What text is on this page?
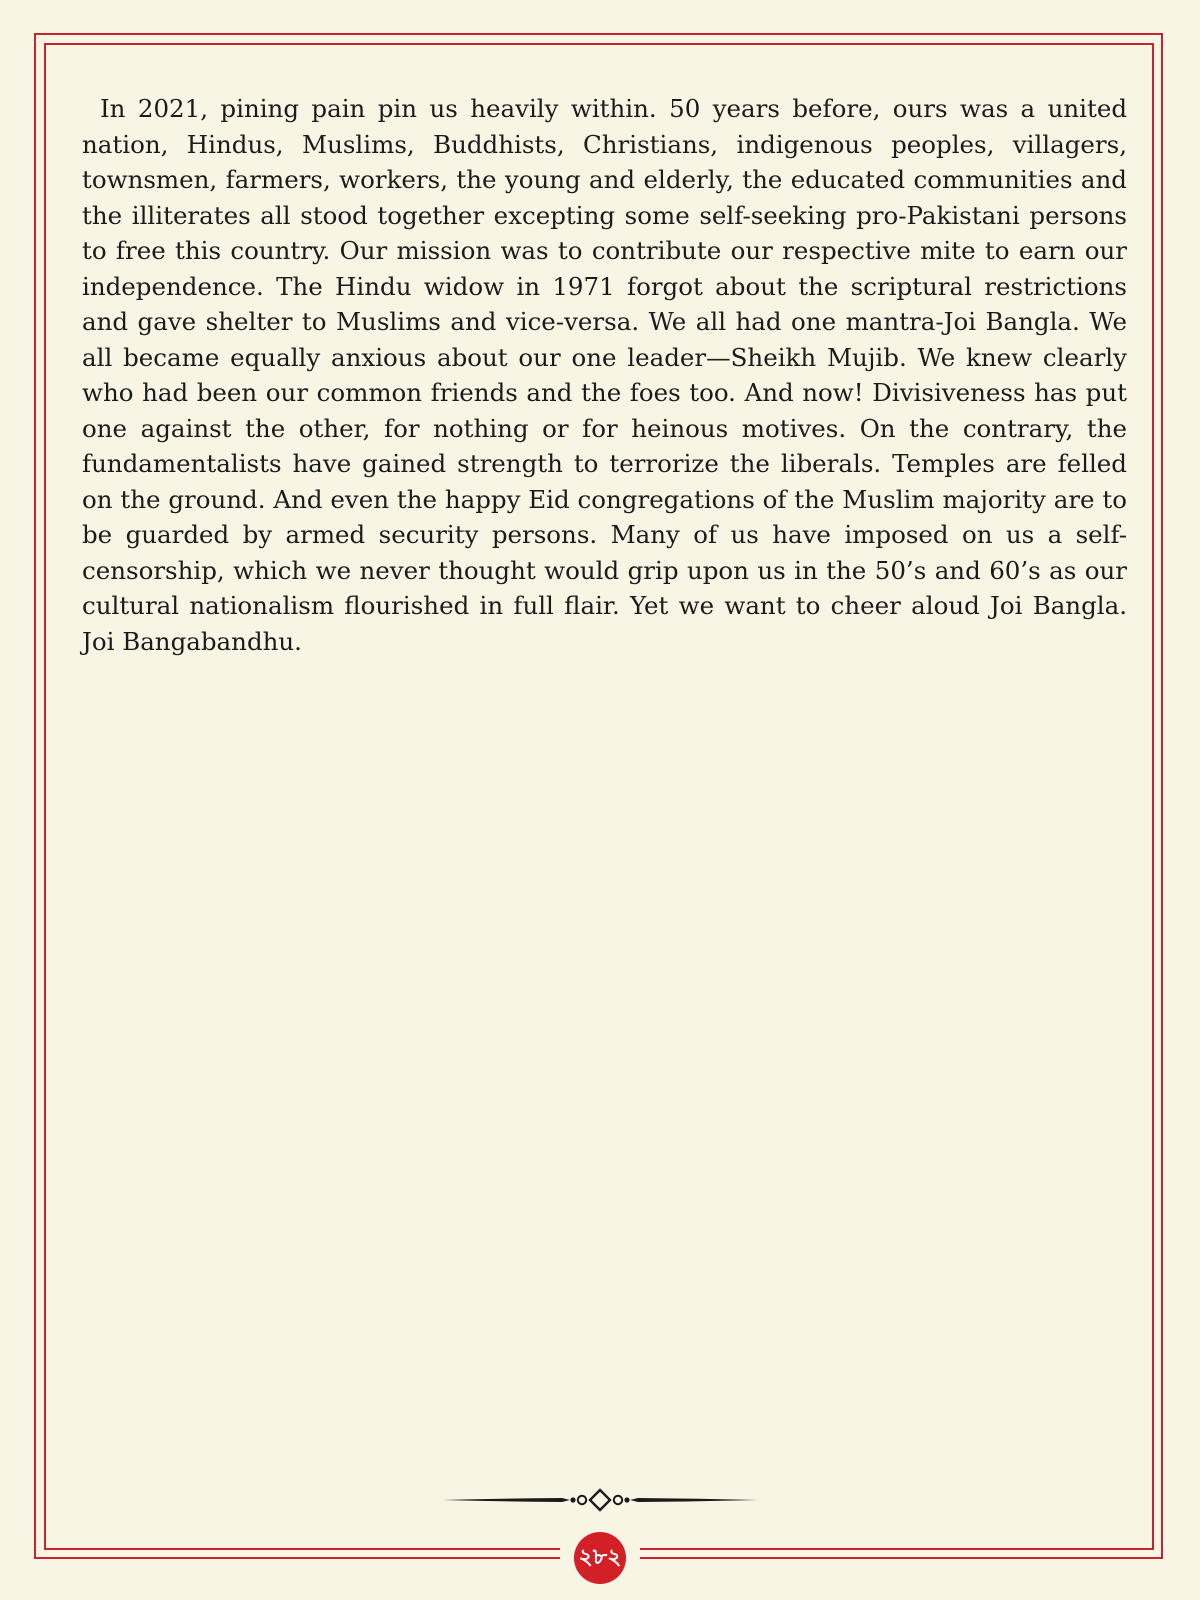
In 2021, pining pain pin us heavily within. 50 years before, ours was a united nation, Hindus, Muslims, Buddhists, Christians, indigenous peoples, villagers, townsmen, farmers, workers, the young and elderly, the educated communities and the illiterates all stood together excepting some self-seeking pro-Pakistani persons to free this country. Our mission was to contribute our respective mite to earn our independence. The Hindu widow in 1971 forgot about the scriptural restrictions and gave shelter to Muslims and vice-versa. We all had one mantra-Joi Bangla. We all became equally anxious about our one leader—Sheikh Mujib. We knew clearly who had been our common friends and the foes too. And now! Divisiveness has put one against the other, for nothing or for heinous motives. On the contrary, the fundamentalists have gained strength to terrorize the liberals. Temples are felled on the ground. And even the happy Eid congregations of the Muslim majority are to be guarded by armed security persons. Many of us have imposed on us a self-censorship, which we never thought would grip upon us in the 50’s and 60’s as our cultural nationalism flourished in full flair. Yet we want to cheer aloud Joi Bangla. Joi Bangabandhu.

২৮২
